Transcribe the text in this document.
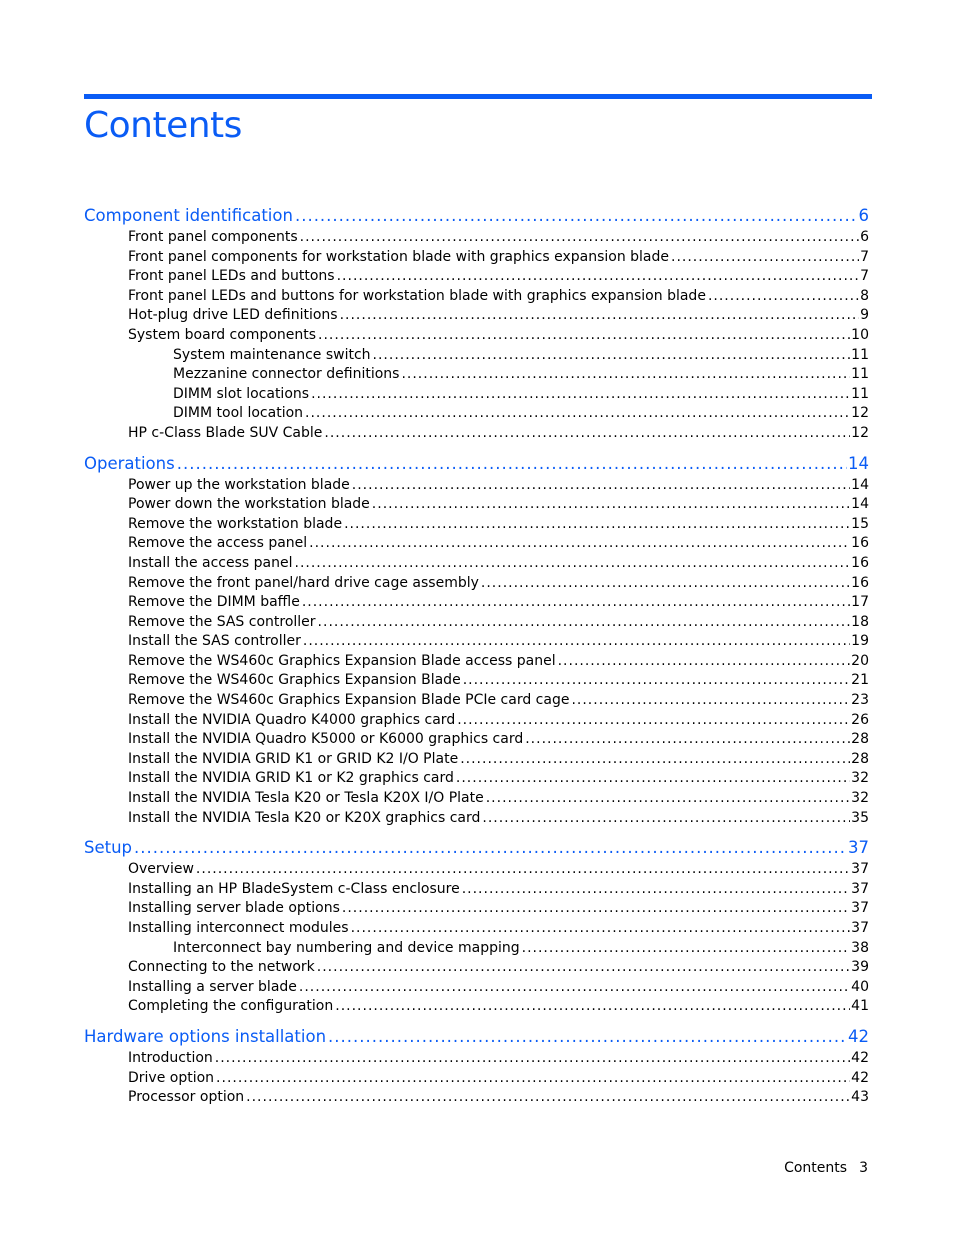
Contents
Component identification .....	6
Front panel components .....	6
Front panel components for workstation blade with graphics expansion blade .....	7
Front panel LEDs and buttons .....	7
Front panel LEDs and buttons for workstation blade with graphics expansion blade .....	8
Hot-plug drive LED definitions .....	9
System board components .....	10
System maintenance switch .....	11
Mezzanine connector definitions .....	11
DIMM slot locations .....	11
DIMM tool location .....	12
HP c-Class Blade SUV Cable .....	12
Operations .....	14
Power up the workstation blade .....	14
Power down the workstation blade .....	14
Remove the workstation blade .....	15
Remove the access panel .....	16
Install the access panel .....	16
Remove the front panel/hard drive cage assembly .....	16
Remove the DIMM baffle .....	17
Remove the SAS controller .....	18
Install the SAS controller .....	19
Remove the WS460c Graphics Expansion Blade access panel .....	20
Remove the WS460c Graphics Expansion Blade .....	21
Remove the WS460c Graphics Expansion Blade PCIe card cage .....	23
Install the NVIDIA Quadro K4000 graphics card .....	26
Install the NVIDIA Quadro K5000 or K6000 graphics card .....	28
Install the NVIDIA GRID K1 or GRID K2 I/O Plate .....	28
Install the NVIDIA GRID K1 or K2 graphics card .....	32
Install the NVIDIA Tesla K20 or Tesla K20X I/O Plate .....	32
Install the NVIDIA Tesla K20 or K20X graphics card .....	35
Setup .....	37
Overview .....	37
Installing an HP BladeSystem c-Class enclosure .....	37
Installing server blade options .....	37
Installing interconnect modules .....	37
Interconnect bay numbering and device mapping .....	38
Connecting to the network .....	39
Installing a server blade .....	40
Completing the configuration .....	41
Hardware options installation .....	42
Introduction .....	42
Drive option .....	42
Processor option .....	43
Contents 3
